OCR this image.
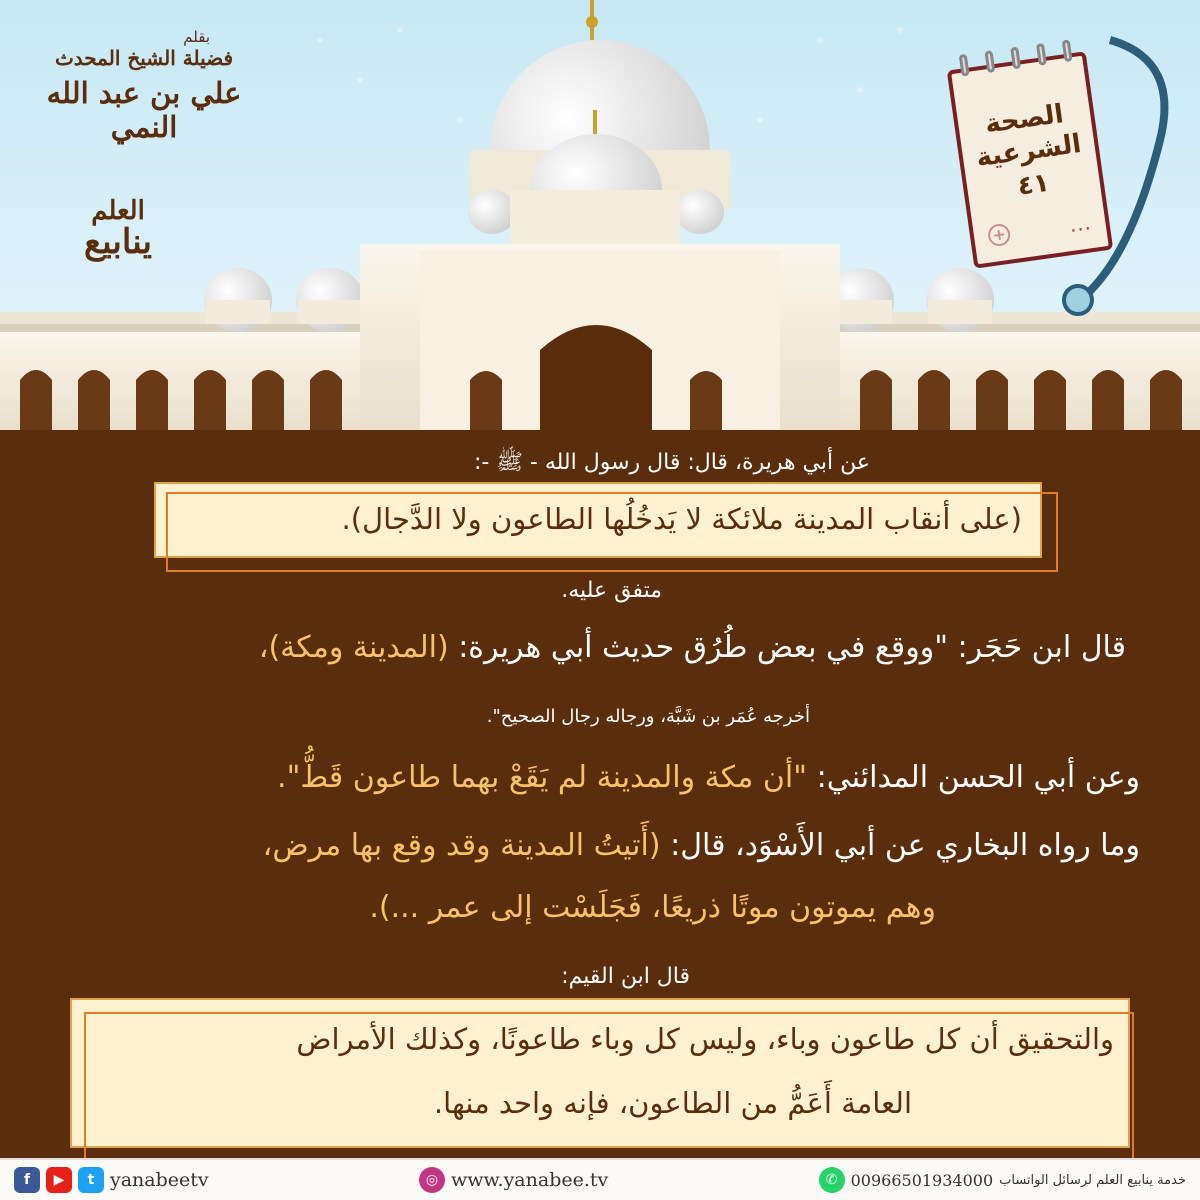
بقلم
فضيلة الشيخ المحدث
علي بن عبد الله النمي
العلم
ينابيع
الصحة
الشرعية
٤١
...
+
عن أبي هريرة، قال: قال رسول الله - ﷺ -:
(على أنقاب المدينة ملائكة لا يَدخُلُها الطاعون ولا الدَّجال).
متفق عليه.
قال ابن حَجَر: "ووقع في بعض طُرُق حديث أبي هريرة: (المدينة ومكة)،
أخرجه عُمَر بن شَبَّة، ورجاله رجال الصحيح".
وعن أبي الحسن المدائني: "أن مكة والمدينة لم يَقَعْ بهما طاعون قَطُّ".
وما رواه البخاري عن أبي الأَسْوَد، قال: (أَتيتُ المدينة وقد وقع بها مرض،
وهم يموتون موتًا ذريعًا، فَجَلَسْت إلى عمر ...).
قال ابن القيم:
والتحقيق أن كل طاعون وباء، وليس كل وباء طاعونًا، وكذلك الأمراض
العامة أَعَمُّ من الطاعون، فإنه واحد منها.
f	▶	t yanabeetv	◎ www.yanabee.tv	✆ 00966501934000 خدمة ينابيع العلم لرسائل الواتساب
